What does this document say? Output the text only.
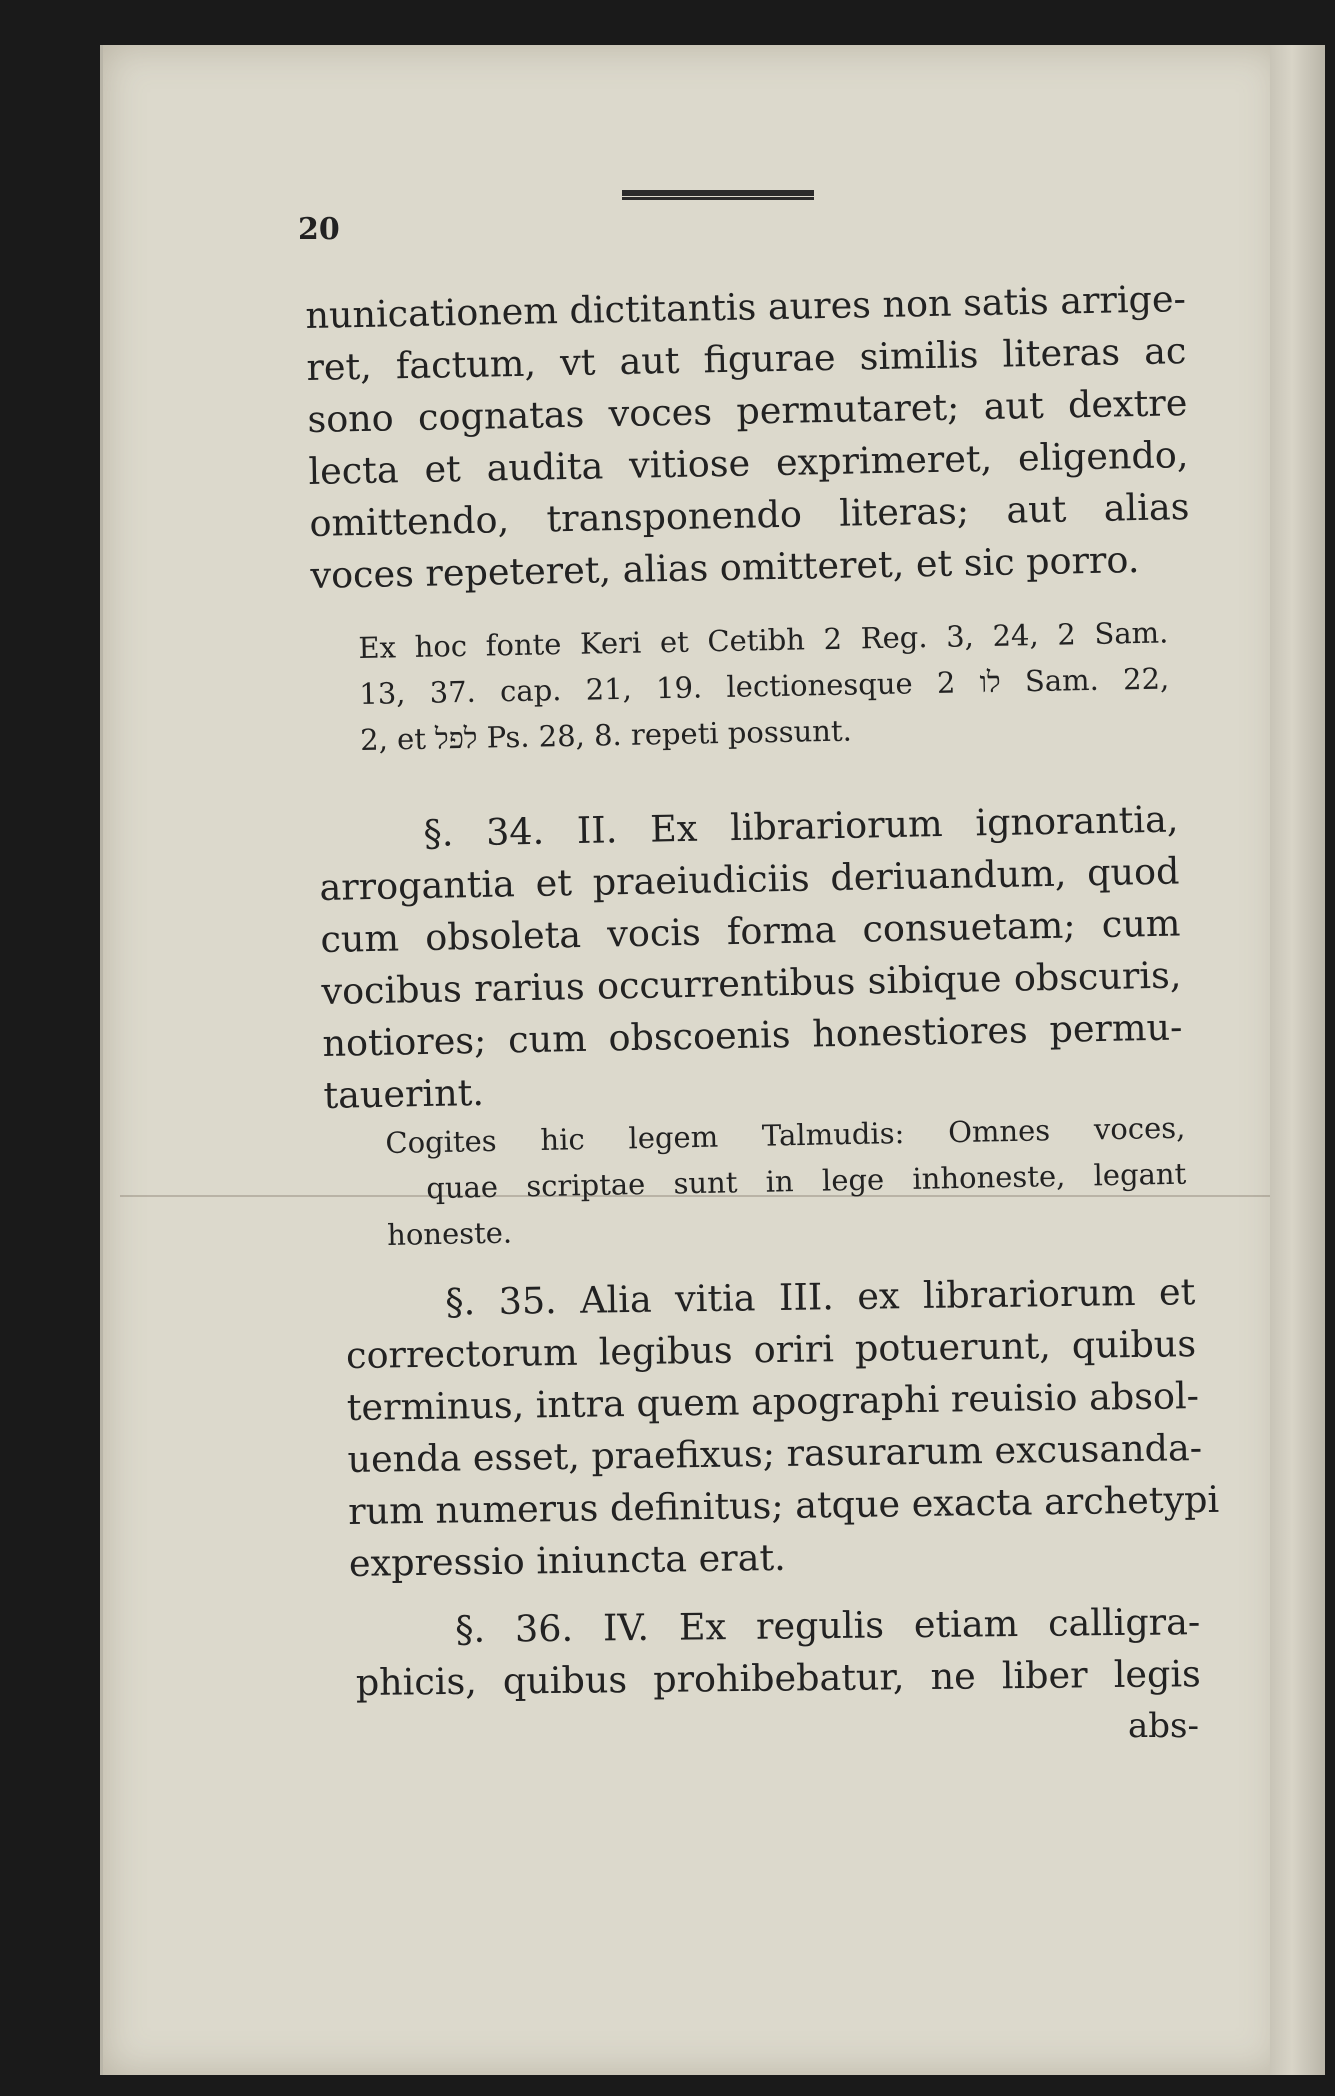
20
nunicationem dictitantis aures non satis arrige-
ret, factum, vt aut figurae similis literas ac
sono cognatas voces permutaret; aut dextre
lecta et audita vitiose exprimeret, eligendo,
omittendo, transponendo literas; aut alias
voces repeteret, alias omitteret, et sic porro.
Ex hoc fonte Keri et Cetibh 2 Reg. 3, 24, 2 Sam.
13, 37. cap. 21, 19. lectionesque לו 2 Sam. 22,
2, et לפל Ps. 28, 8. repeti possunt.
§. 34. II. Ex librariorum ignorantia,
arrogantia et praeiudiciis deriuandum, quod
cum obsoleta vocis forma consuetam; cum
vocibus rarius occurrentibus sibique obscuris,
notiores; cum obscoenis honestiores permu-
tauerint.
Cogites hic legem Talmudis: Omnes voces,
quae scriptae sunt in lege inhoneste, legant
honeste.
§. 35. Alia vitia III. ex librariorum et
correctorum legibus oriri potuerunt, quibus
terminus, intra quem apographi reuisio absol-
uenda esset, praefixus; rasurarum excusanda-
rum numerus definitus; atque exacta archetypi
expressio iniuncta erat.
§. 36. IV. Ex regulis etiam calligra-
phicis, quibus prohibebatur, ne liber legis
abs-
